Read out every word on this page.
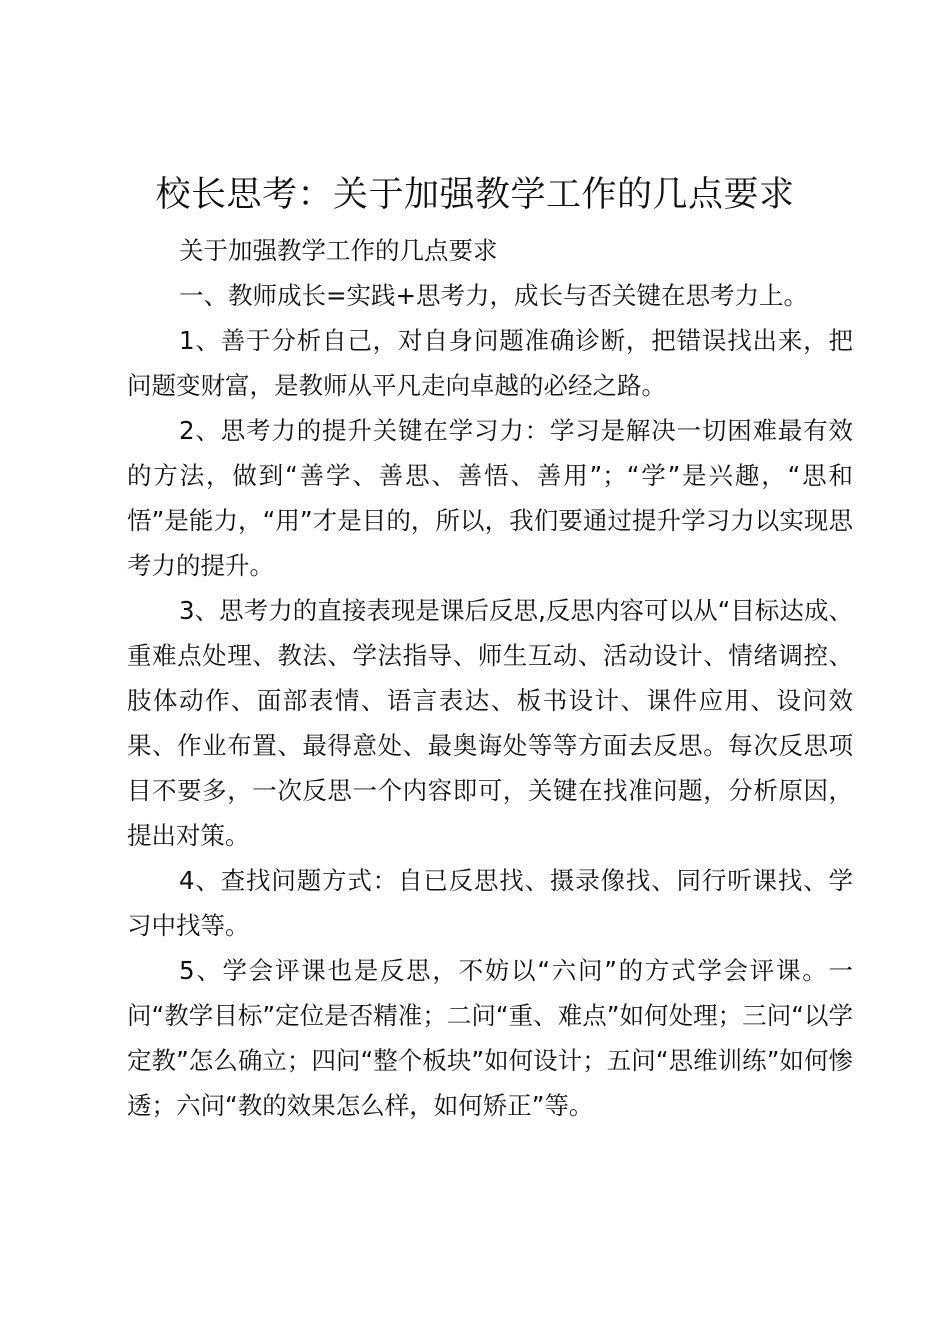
校长思考：关于加强教学工作的几点要求

关于加强教学工作的几点要求

一、教师成长=实践+思考力，成长与否关键在思考力上。

1、善于分析自己，对自身问题准确诊断，把错误找出来，把问题变财富，是教师从平凡走向卓越的必经之路。

2、思考力的提升关键在学习力：学习是解决一切困难最有效的方法，做到“善学、善思、善悟、善用”；“学”是兴趣，“思和悟”是能力，“用”才是目的，所以，我们要通过提升学习力以实现思考力的提升。

3、思考力的直接表现是课后反思,反思内容可以从“目标达成、重难点处理、教法、学法指导、师生互动、活动设计、情绪调控、肢体动作、面部表情、语言表达、板书设计、课件应用、设问效果、作业布置、最得意处、最奥诲处等等方面去反思。每次反思项目不要多，一次反思一个内容即可，关键在找准问题，分析原因，提出对策。

4、查找问题方式：自已反思找、摄录像找、同行听课找、学习中找等。

5、学会评课也是反思，不妨以“六问”的方式学会评课。一问“教学目标”定位是否精准；二问“重、难点”如何处理；三问“以学定教”怎么确立；四问“整个板块”如何设计；五问“思维训练”如何惨透；六问“教的效果怎么样，如何矫正”等。
